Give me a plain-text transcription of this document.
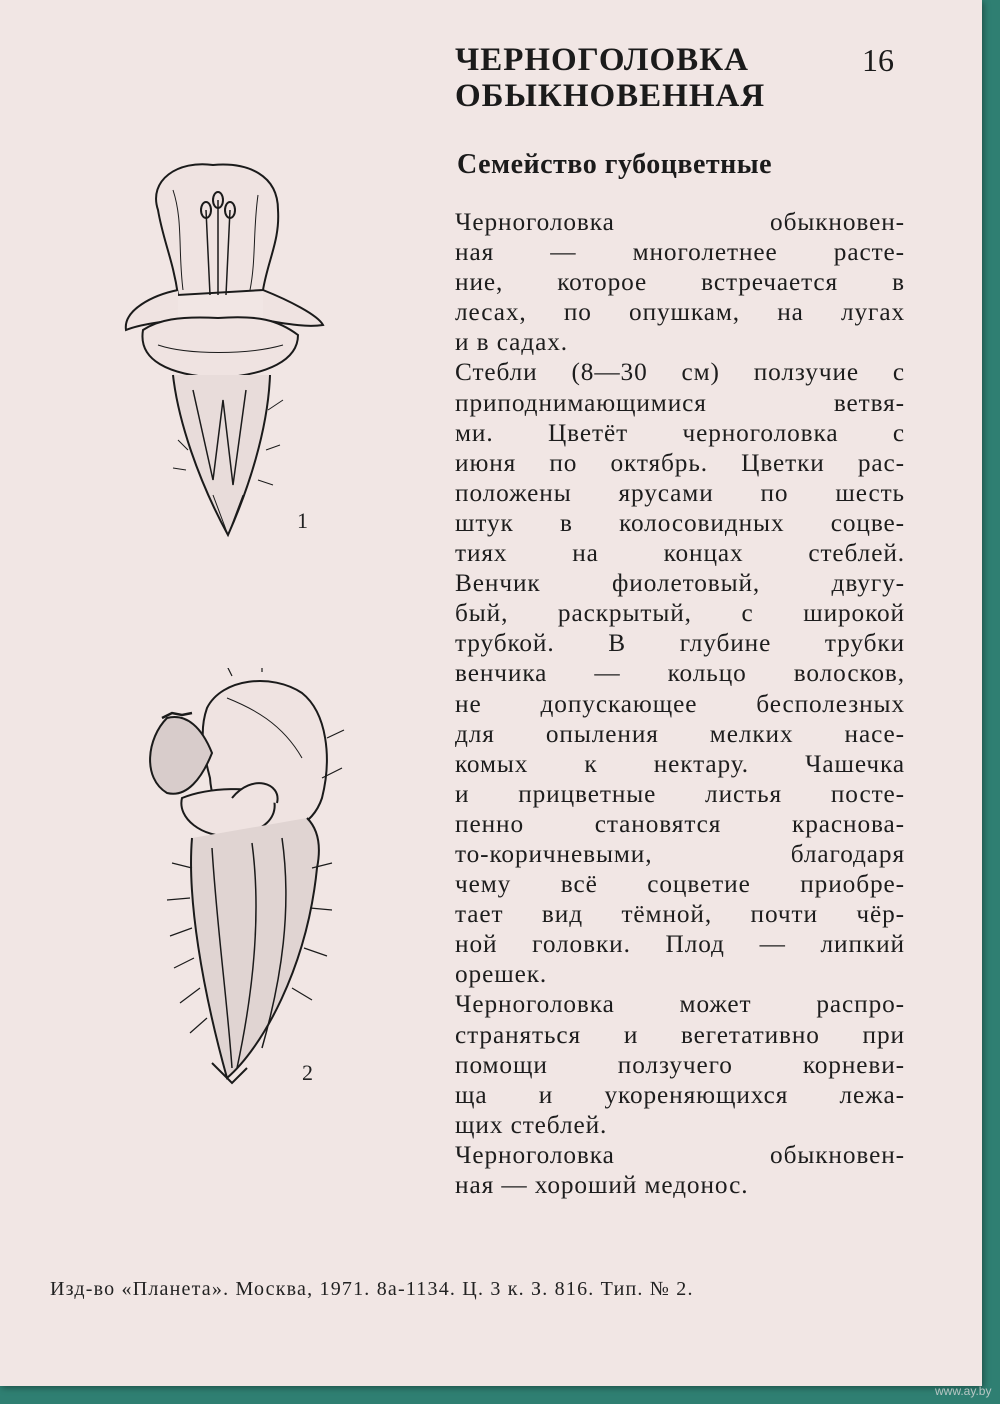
ЧЕРНОГОЛОВКА ОБЫКНОВЕННАЯ
16
Семейство губоцветные
1
2
Черноголовка обыкновен-
ная — многолетнее расте-
ние, которое встречается в
лесах, по опушкам, на лугах
и в садах.
Стебли (8—30 см) ползучие с
приподнимающимися ветвя-
ми. Цветёт черноголовка с
июня по октябрь. Цветки рас-
положены ярусами по шесть
штук в колосовидных соцве-
тиях на концах стеблей.
Венчик фиолетовый, двугу-
бый, раскрытый, с широкой
трубкой. В глубине трубки
венчика — кольцо волосков,
не допускающее бесполезных
для опыления мелких насе-
комых к нектару. Чашечка
и прицветные листья посте-
пенно становятся краснова-
то-коричневыми, благодаря
чему всё соцветие приобре-
тает вид тёмной, почти чёр-
ной головки. Плод — липкий
орешек.
Черноголовка может распро-
страняться и вегетативно при
помощи ползучего корневи-
ща и укореняющихся лежа-
щих стеблей.
Черноголовка обыкновен-
ная — хороший медонос.
Изд-во «Планета». Москва, 1971. 8а-1134. Ц. 3 к. З. 816. Тип. № 2.
www.ay.by
